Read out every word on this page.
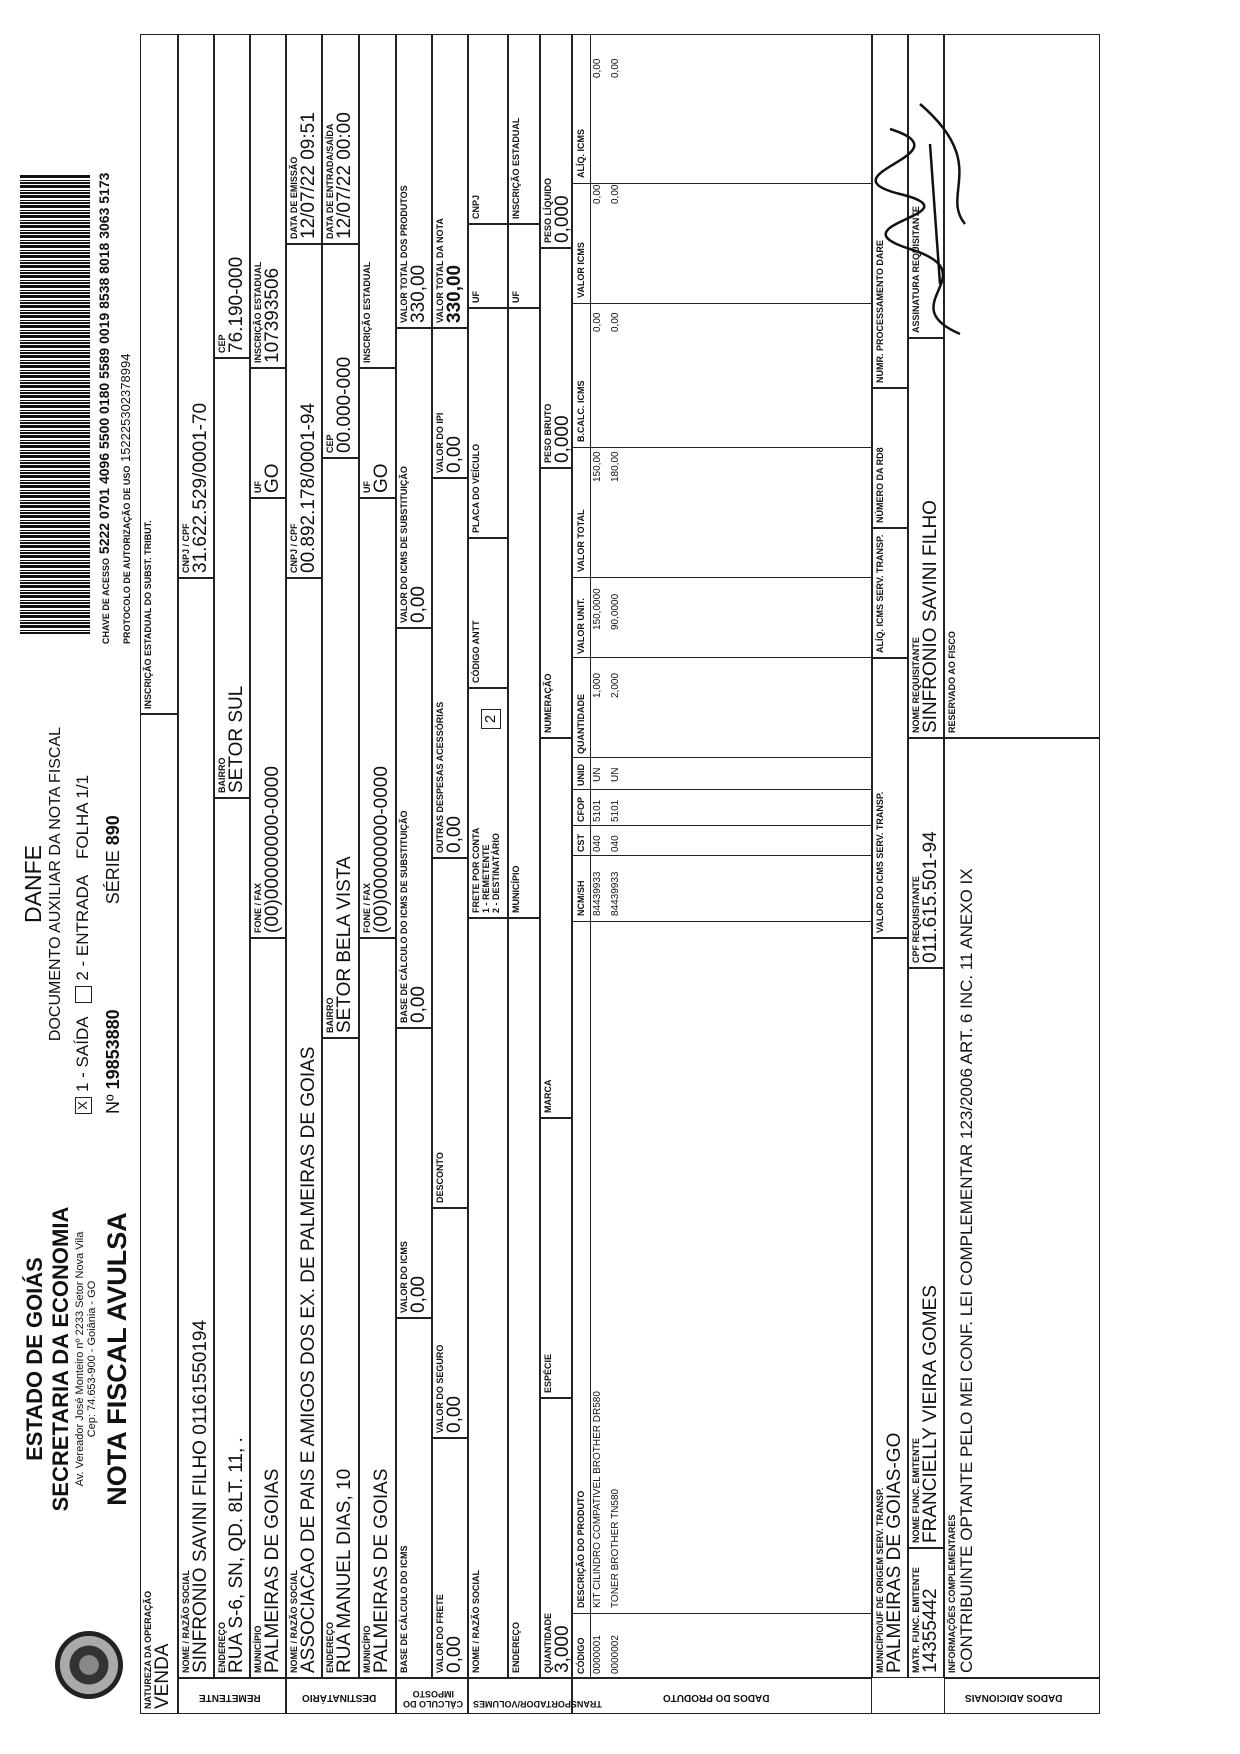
ESTADO DE GOIÁS SECRETARIA DA ECONOMIA Av. Vereador José Monteiro nº 2233 Setor Nova Vila Cep: 74.653-900 - Goiânia - GO NOTA FISCAL AVULSA
DANFE DOCUMENTO AUXILIAR DA NOTA FISCAL
X1 - SAÍDA 2 - ENTRADA FOLHA 1/1
Nº 19853880 SÉRIE 890
CHAVE DE ACESSO 5222 0701 4096 5500 0180 5589 0019 8538 8018 3063 5173
PROTOCOLO DE AUTORIZAÇÃO DE USO 152225302378994
NATUREZA DA OPERAÇÃO VENDA
INSCRIÇÃO ESTADUAL DO SUBST. TRIBUT.
REMETENTE
NOME / RAZÃO SOCIAL SINFRONIO SAVINI FILHO 01161550194
CNPJ / CPF 31.622.529/0001-70
ENDEREÇO RUA S-6, SN, QD. 8LT. 11, .
BAIRRO SETOR SUL
CEP 76.190-000
MUNICÍPIO PALMEIRAS DE GOIAS
FONE / FAX (00)00000000-0000
UF GO
INSCRIÇÃO ESTADUAL 107393506
DESTINATÁRIO
NOME / RAZÃO SOCIAL ASSOCIACAO DE PAIS E AMIGOS DOS EX. DE PALMEIRAS DE GOIAS
CNPJ / CPF 00.892.178/0001-94
DATA DE EMISSÃO 12/07/22 09:51
ENDEREÇO RUA MANUEL DIAS, 10
BAIRRO SETOR BELA VISTA
CEP 00.000-000
DATA DE ENTRADA/SAÍDA 12/07/22 00:00
MUNICÍPIO PALMEIRAS DE GOIAS
FONE / FAX (00)00000000-0000
UF GO
INSCRIÇÃO ESTADUAL
CÁLCULO DO IMPOSTO
BASE DE CÁLCULO DO ICMS
VALOR DO ICMS 0,00
BASE DE CÁLCULO DO ICMS DE SUBSTITUIÇÃO 0,00
VALOR DO ICMS DE SUBSTITUIÇÃO 0,00
VALOR TOTAL DOS PRODUTOS 330,00
VALOR DO FRETE 0,00
VALOR DO SEGURO 0,00
DESCONTO
OUTRAS DESPESAS ACESSÓRIAS 0,00
VALOR DO IPI 0,00
VALOR TOTAL DA NOTA 330,00
TRANSPORTADOR/VOLUMES
NOME / RAZÃO SOCIAL
FRETE POR CONTA 1 - REMETENTE 2 - DESTINATÁRIO
2
CÓDIGO ANTT
PLACA DO VEÍCULO
UF
CNPJ
ENDEREÇO
MUNICÍPIO
UF
INSCRIÇÃO ESTADUAL
QUANTIDADE 3,000
ESPÉCIE
MARCA
NUMERAÇÃO
PESO BRUTO 0,000
PESO LÍQUIDO 0,000
DADOS DO PRODUTO
CÓDIGO
DESCRIÇÃO DO PRODUTO
NCM/SH
CST
CFOP
UNID
QUANTIDADE
VALOR UNIT.
VALOR TOTAL
B.CALC. ICMS
VALOR ICMS
ALÍQ. ICMS
0000001
KIT CILINDRO COMPATIVEL BROTHER DR580
84439933
040
5101
UN
1,000
150,0000
150,00
0,00
0,00
0,00
0000002
TONER BROTHER TN580
84439933
040
5101
UN
2,000
90,0000
180,00
0,00
0,00
0,00
MUNICÍPIO/UF DE ORIGEM SERV. TRANSP. PALMEIRAS DE GOIAS-GO
VALOR DO ICMS SERV. TRANSP.
ALÍQ. ICMS SERV. TRANSP.
NÚMERO DA RD8
NUMR. PROCESSAMENTO DARE
MATR. FUNC. EMITENTE 14355442
NOME FUNC. EMITENTE FRANCIELLY VIEIRA GOMES
CPF REQUISITANTE 011.615.501-94
NOME REQUISITANTE SINFRONIO SAVINI FILHO
ASSINATURA REQUISITANTE
DADOS ADICIONAIS
INFORMAÇÕES COMPLEMENTARES CONTRIBUINTE OPTANTE PELO MEI CONF. LEI COMPLEMENTAR 123/2006 ART. 6 INC. 11 ANEXO IX
RESERVADO AO FISCO
